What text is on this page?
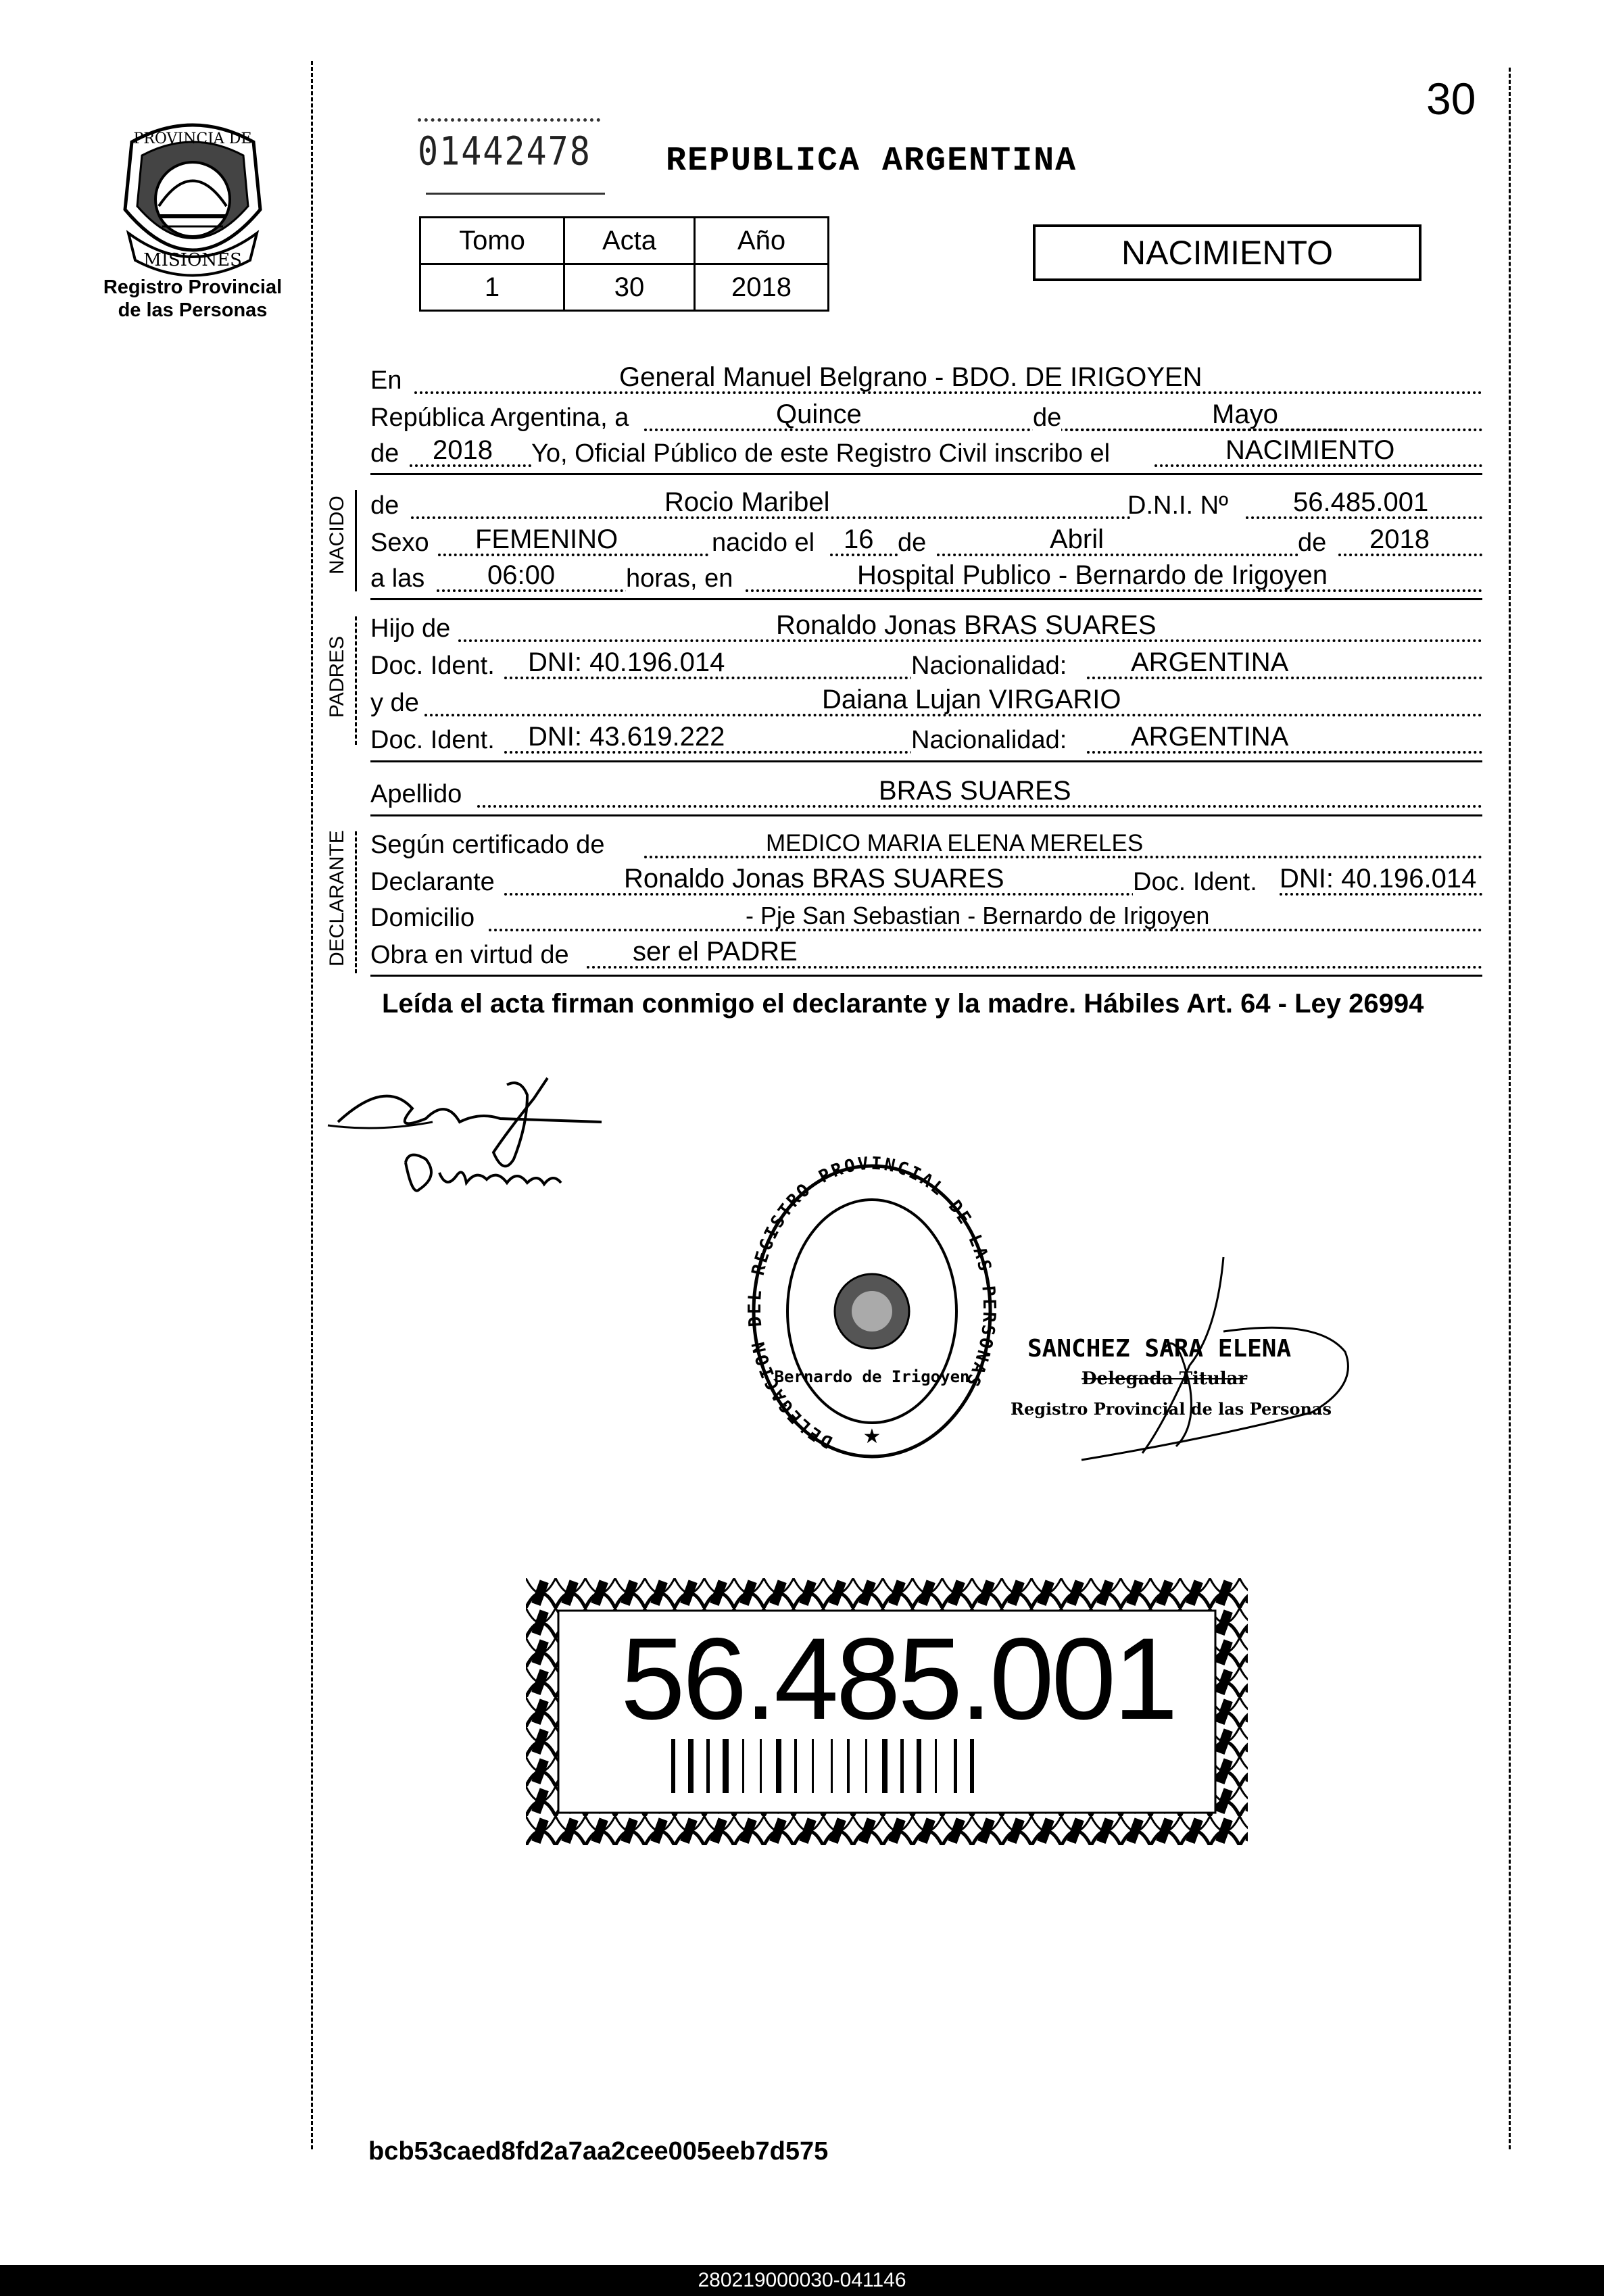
30
PROVINCIA DE
MISIONES
Registro Provincial
de las Personas
01442478 REPUBLICA ARGENTINA
Tomo	Acta	Año
1	30	2018
NACIMIENTO
NACIDO
PADRES
DECLARANTE
En	General Manuel Belgrano - BDO. DE IRIGOYEN
República Argentina, a	Quince	de	Mayo
de 2018 Yo, Oficial Público de este Registro Civil inscribo el	NACIMIENTO
de	Rocio Maribel	D.N.I. Nº 56.485.001
Sexo FEMENINO	nacido el 16 de	Abril	de 2018
a las 06:00	horas, en	Hospital Publico - Bernardo de Irigoyen
Hijo de	Ronaldo Jonas BRAS SUARES
Doc. Ident. DNI: 40.196.014	Nacionalidad: ARGENTINA
y de	Daiana Lujan VIRGARIO
Doc. Ident. DNI: 43.619.222	Nacionalidad: ARGENTINA
Apellido	BRAS SUARES
Según certificado de	MEDICO MARIA ELENA MERELES
Declarante	Ronaldo Jonas BRAS SUARES	Doc. Ident. DNI: 40.196.014
Domicilio	- Pje San Sebastian - Bernardo de Irigoyen
Obra en virtud de ser el PADRE
Leída el acta firman conmigo el declarante y la madre. Hábiles Art. 64 - Ley 26994
Daiana
DELEGACION DEL REGISTRO PROVINCIAL DE LAS PERSONAS
Bernardo de Irigoyen
★
SANCHEZ SARA ELENA
Delegada Titular
Registro Provincial de las Personas
56.485.001
bcb53caed8fd2a7aa2cee005eeb7d575
280219000030-041146
